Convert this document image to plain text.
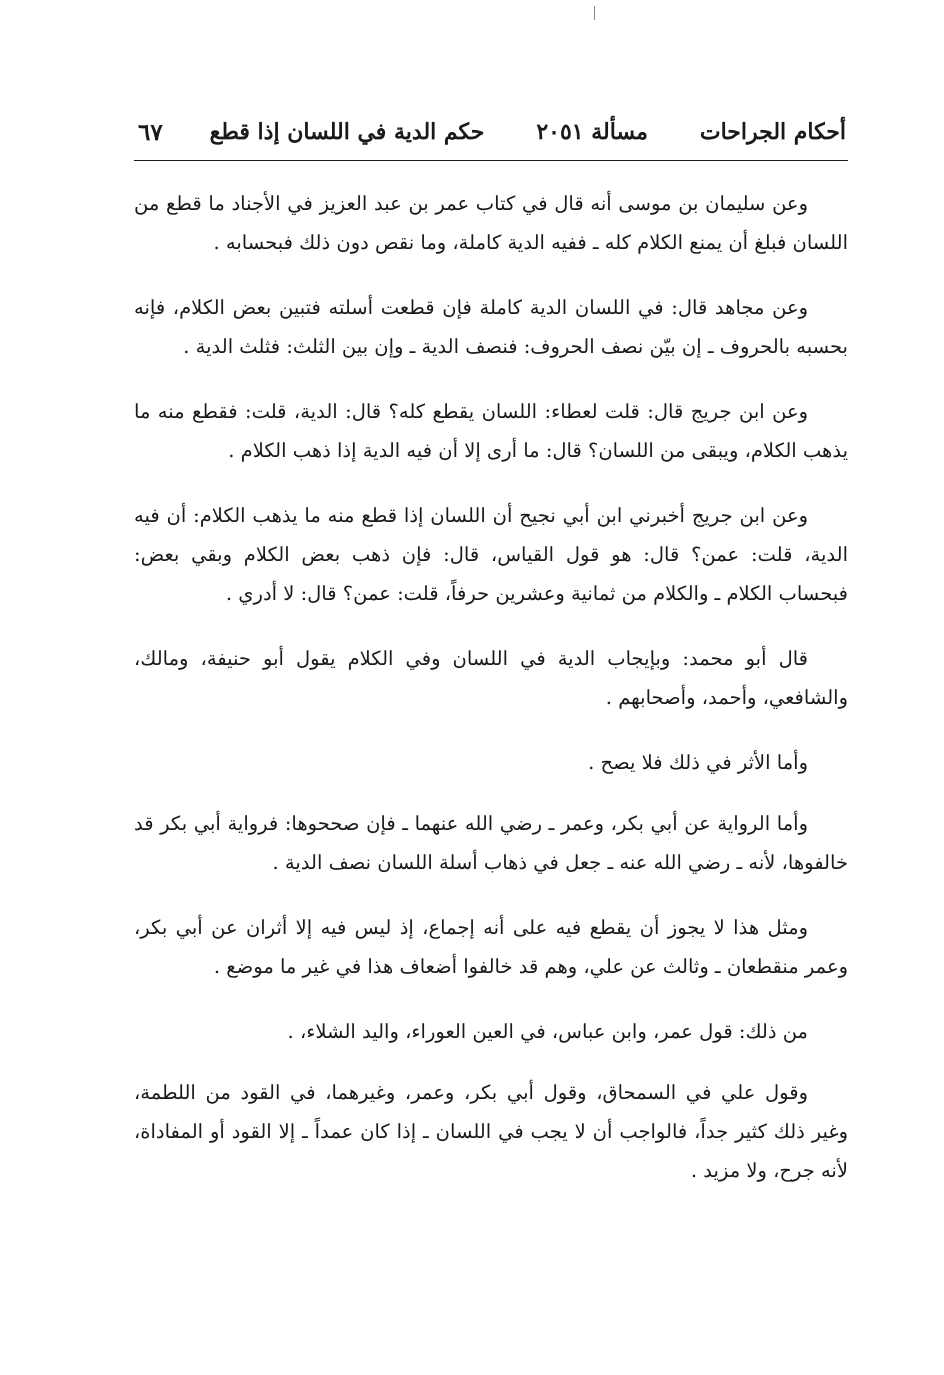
أحكام الجراحات
مسألة ٢٠٥١
حكم الدية في اللسان إذا قطع
٦٧

وعن سليمان بن موسى أنه قال في كتاب عمر بن عبد العزيز في الأجناد ما قطع من اللسان فبلغ أن يمنع الكلام كله ـ ففيه الدية كاملة، وما نقص دون ذلك فبحسابه .

وعن مجاهد قال: في اللسان الدية كاملة فإن قطعت أسلته فتبين بعض الكلام، فإنه بحسبه بالحروف ـ إن بيّن نصف الحروف: فنصف الدية ـ وإن بين الثلث: فثلث الدية .

وعن ابن جريج قال: قلت لعطاء: اللسان يقطع كله؟ قال: الدية، قلت: فقطع منه ما يذهب الكلام، ويبقى من اللسان؟ قال: ما أرى إلا أن فيه الدية إذا ذهب الكلام .

وعن ابن جريج أخبرني ابن أبي نجيح أن اللسان إذا قطع منه ما يذهب الكلام: أن فيه الدية، قلت: عمن؟ قال: هو قول القياس، قال: فإن ذهب بعض الكلام وبقي بعض: فبحساب الكلام ـ والكلام من ثمانية وعشرين حرفاً، قلت: عمن؟ قال: لا أدري .

قال أبو محمد: وبإيجاب الدية في اللسان وفي الكلام يقول أبو حنيفة، ومالك، والشافعي، وأحمد، وأصحابهم .

وأما الأثر في ذلك فلا يصح .

وأما الرواية عن أبي بكر، وعمر ـ رضي الله عنهما ـ فإن صححوها: فرواية أبي بكر قد خالفوها، لأنه ـ رضي الله عنه ـ جعل في ذهاب أسلة اللسان نصف الدية .

ومثل هذا لا يجوز أن يقطع فيه على أنه إجماع، إذ ليس فيه إلا أثران عن أبي بكر، وعمر منقطعان ـ وثالث عن علي، وهم قد خالفوا أضعاف هذا في غير ما موضع .

من ذلك: قول عمر، وابن عباس، في العين العوراء، واليد الشلاء، .

وقول علي في السمحاق، وقول أبي بكر، وعمر، وغيرهما، في القود من اللطمة، وغير ذلك كثير جداً، فالواجب أن لا يجب في اللسان ـ إذا كان عمداً ـ إلا القود أو المفاداة، لأنه جرح، ولا مزيد .
